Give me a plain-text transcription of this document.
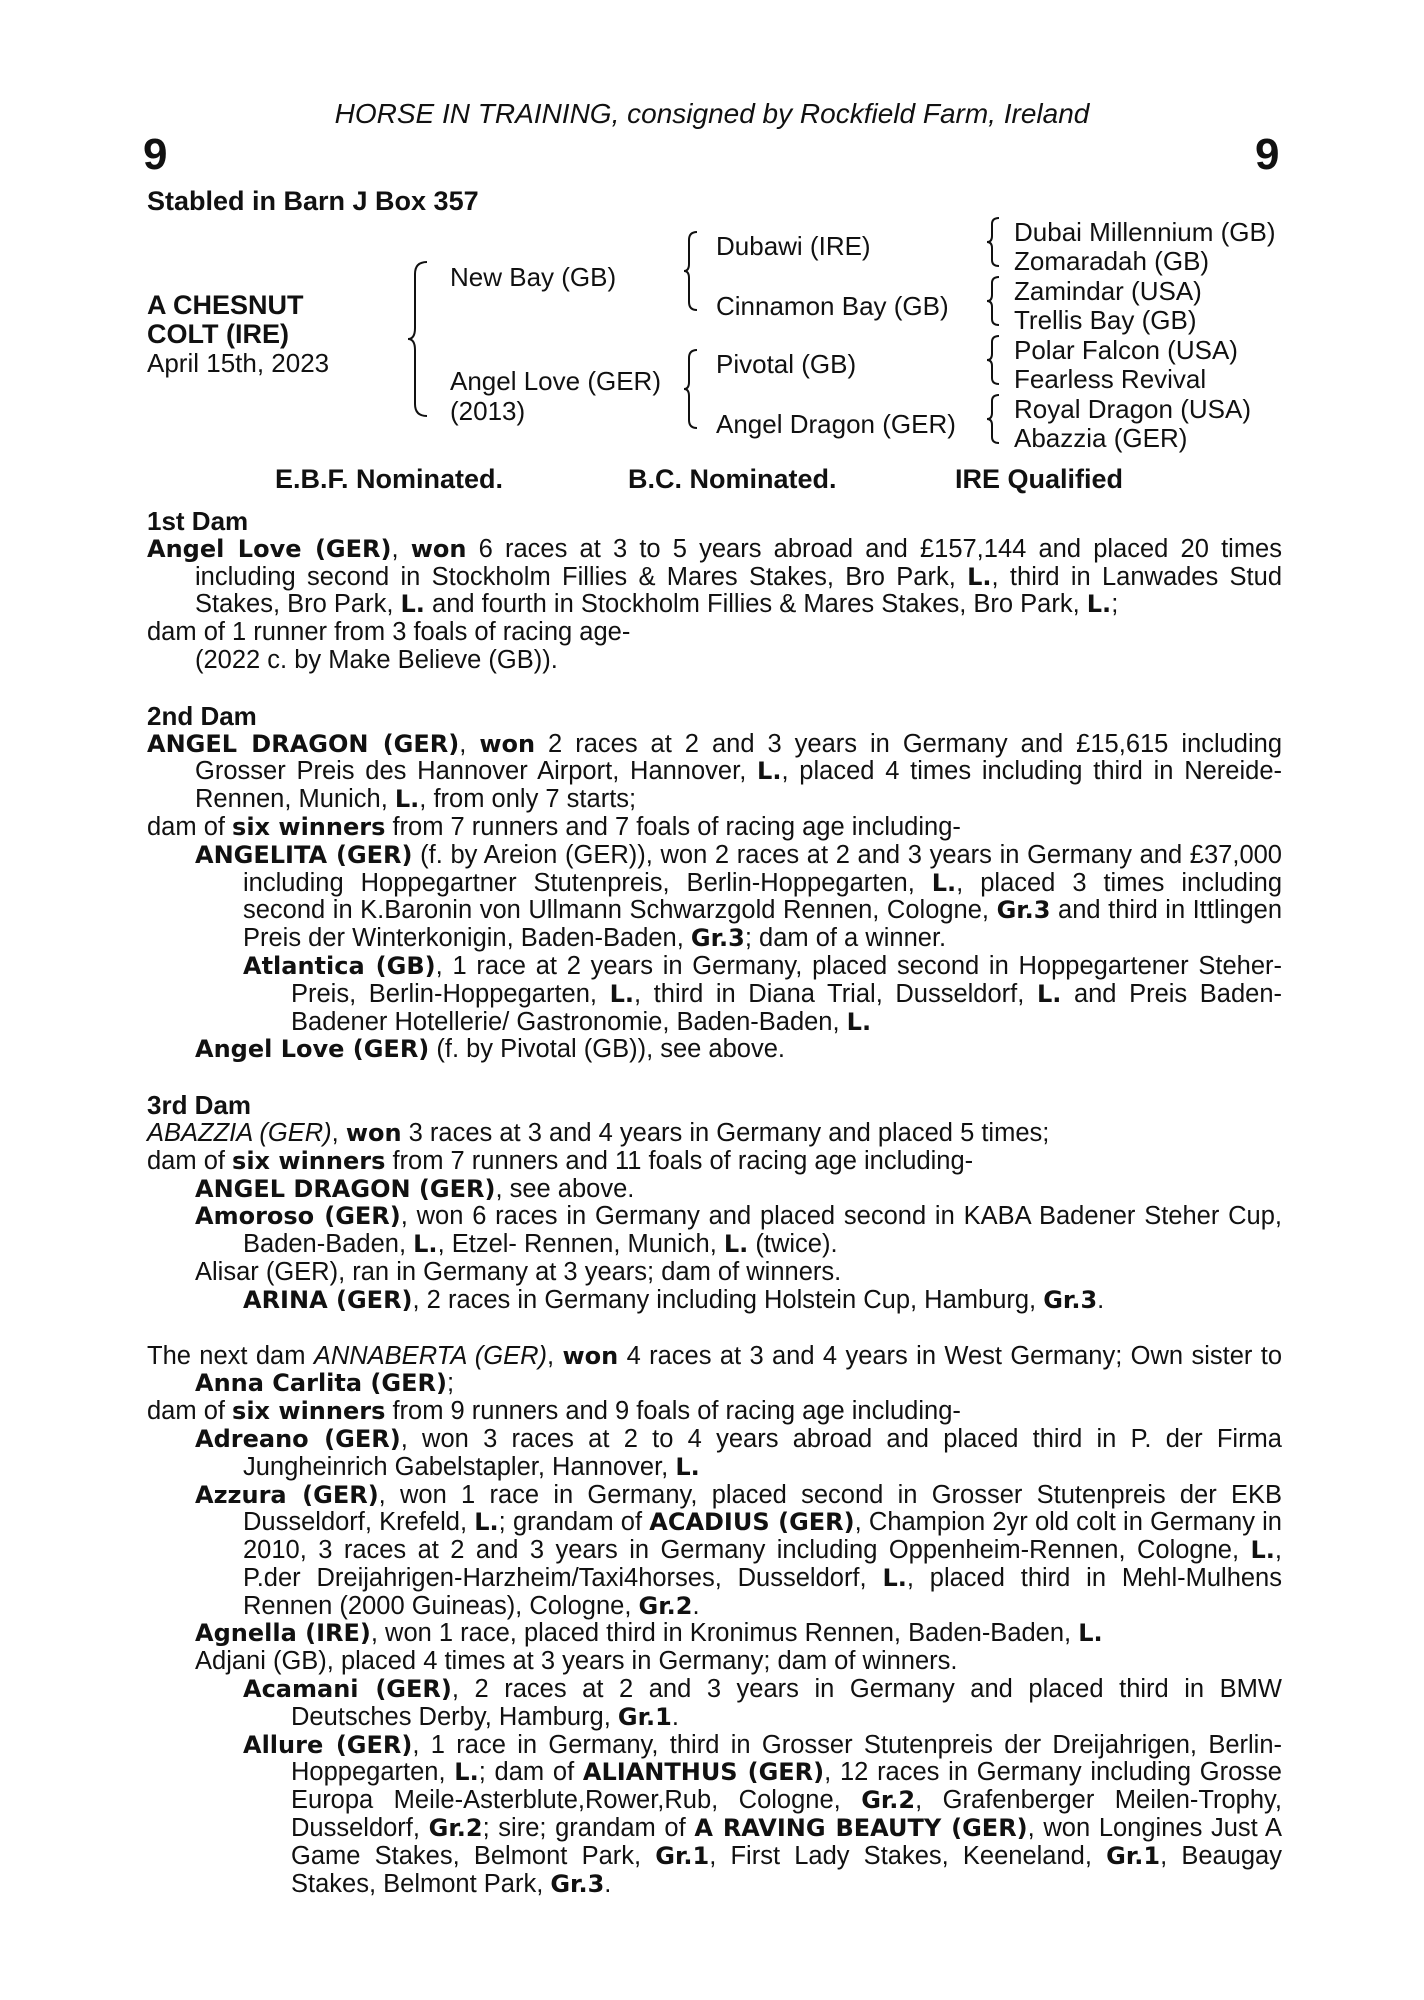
HORSE IN TRAINING, consigned by Rockfield Farm, Ireland
9	9
Stabled in Barn J Box 357
A CHESNUT
COLT (IRE)
April 15th, 2023
New Bay (GB)
Angel Love (GER)
(2013)
Dubawi (IRE)
Cinnamon Bay (GB)
Pivotal (GB)
Angel Dragon (GER)
Dubai Millennium (GB)
Zomaradah (GB)
Zamindar (USA)
Trellis Bay (GB)
Polar Falcon (USA)
Fearless Revival
Royal Dragon (USA)
Abazzia (GER)
E.B.F. Nominated.	B.C. Nominated.	IRE Qualified
1st Dam

Angel Love (GER), won 6 races at 3 to 5 years abroad and £157,144 and placed 20 times including second in Stockholm Fillies & Mares Stakes, Bro Park, L., third in Lanwades Stud Stakes, Bro Park, L. and fourth in Stockholm Fillies & Mares Stakes, Bro Park, L.;

dam of 1 runner from 3 foals of racing age-

(2022 c. by Make Believe (GB)).

2nd Dam

ANGEL DRAGON (GER), won 2 races at 2 and 3 years in Germany and £15,615 including Grosser Preis des Hannover Airport, Hannover, L., placed 4 times including third in Nereide-Rennen, Munich, L., from only 7 starts;

dam of six winners from 7 runners and 7 foals of racing age including-

ANGELITA (GER) (f. by Areion (GER)), won 2 races at 2 and 3 years in Germany and £37,000 including Hoppegartner Stutenpreis, Berlin-Hoppegarten, L., placed 3 times including second in K.Baronin von Ullmann Schwarzgold Rennen, Cologne, Gr.3 and third in Ittlingen Preis der Winterkonigin, Baden-Baden, Gr.3; dam of a winner.

Atlantica (GB), 1 race at 2 years in Germany, placed second in Hoppegartener Steher-Preis, Berlin-Hoppegarten, L., third in Diana Trial, Dusseldorf, L. and Preis Baden-Badener Hotellerie/ Gastronomie, Baden-Baden, L.

Angel Love (GER) (f. by Pivotal (GB)), see above.

3rd Dam

ABAZZIA (GER), won 3 races at 3 and 4 years in Germany and placed 5 times;

dam of six winners from 7 runners and 11 foals of racing age including-

ANGEL DRAGON (GER), see above.

Amoroso (GER), won 6 races in Germany and placed second in KABA Badener Steher Cup, Baden-Baden, L., Etzel- Rennen, Munich, L. (twice).

Alisar (GER), ran in Germany at 3 years; dam of winners.

ARINA (GER), 2 races in Germany including Holstein Cup, Hamburg, Gr.3.

The next dam ANNABERTA (GER), won 4 races at 3 and 4 years in West Germany; Own sister to Anna Carlita (GER);

dam of six winners from 9 runners and 9 foals of racing age including-

Adreano (GER), won 3 races at 2 to 4 years abroad and placed third in P. der Firma Jungheinrich Gabelstapler, Hannover, L.

Azzura (GER), won 1 race in Germany, placed second in Grosser Stutenpreis der EKB Dusseldorf, Krefeld, L.; grandam of ACADIUS (GER), Champion 2yr old colt in Germany in 2010, 3 races at 2 and 3 years in Germany including Oppenheim-Rennen, Cologne, L., P.der Dreijahrigen-Harzheim/Taxi4horses, Dusseldorf, L., placed third in Mehl-Mulhens Rennen (2000 Guineas), Cologne, Gr.2.

Agnella (IRE), won 1 race, placed third in Kronimus Rennen, Baden-Baden, L.

Adjani (GB), placed 4 times at 3 years in Germany; dam of winners.

Acamani (GER), 2 races at 2 and 3 years in Germany and placed third in BMW Deutsches Derby, Hamburg, Gr.1.

Allure (GER), 1 race in Germany, third in Grosser Stutenpreis der Dreijahrigen, Berlin-Hoppegarten, L.; dam of ALIANTHUS (GER), 12 races in Germany including Grosse Europa Meile-Asterblute,Rower,Rub, Cologne, Gr.2, Grafenberger Meilen-Trophy, Dusseldorf, Gr.2; sire; grandam of A RAVING BEAUTY (GER), won Longines Just A Game Stakes, Belmont Park, Gr.1, First Lady Stakes, Keeneland, Gr.1, Beaugay Stakes, Belmont Park, Gr.3.
